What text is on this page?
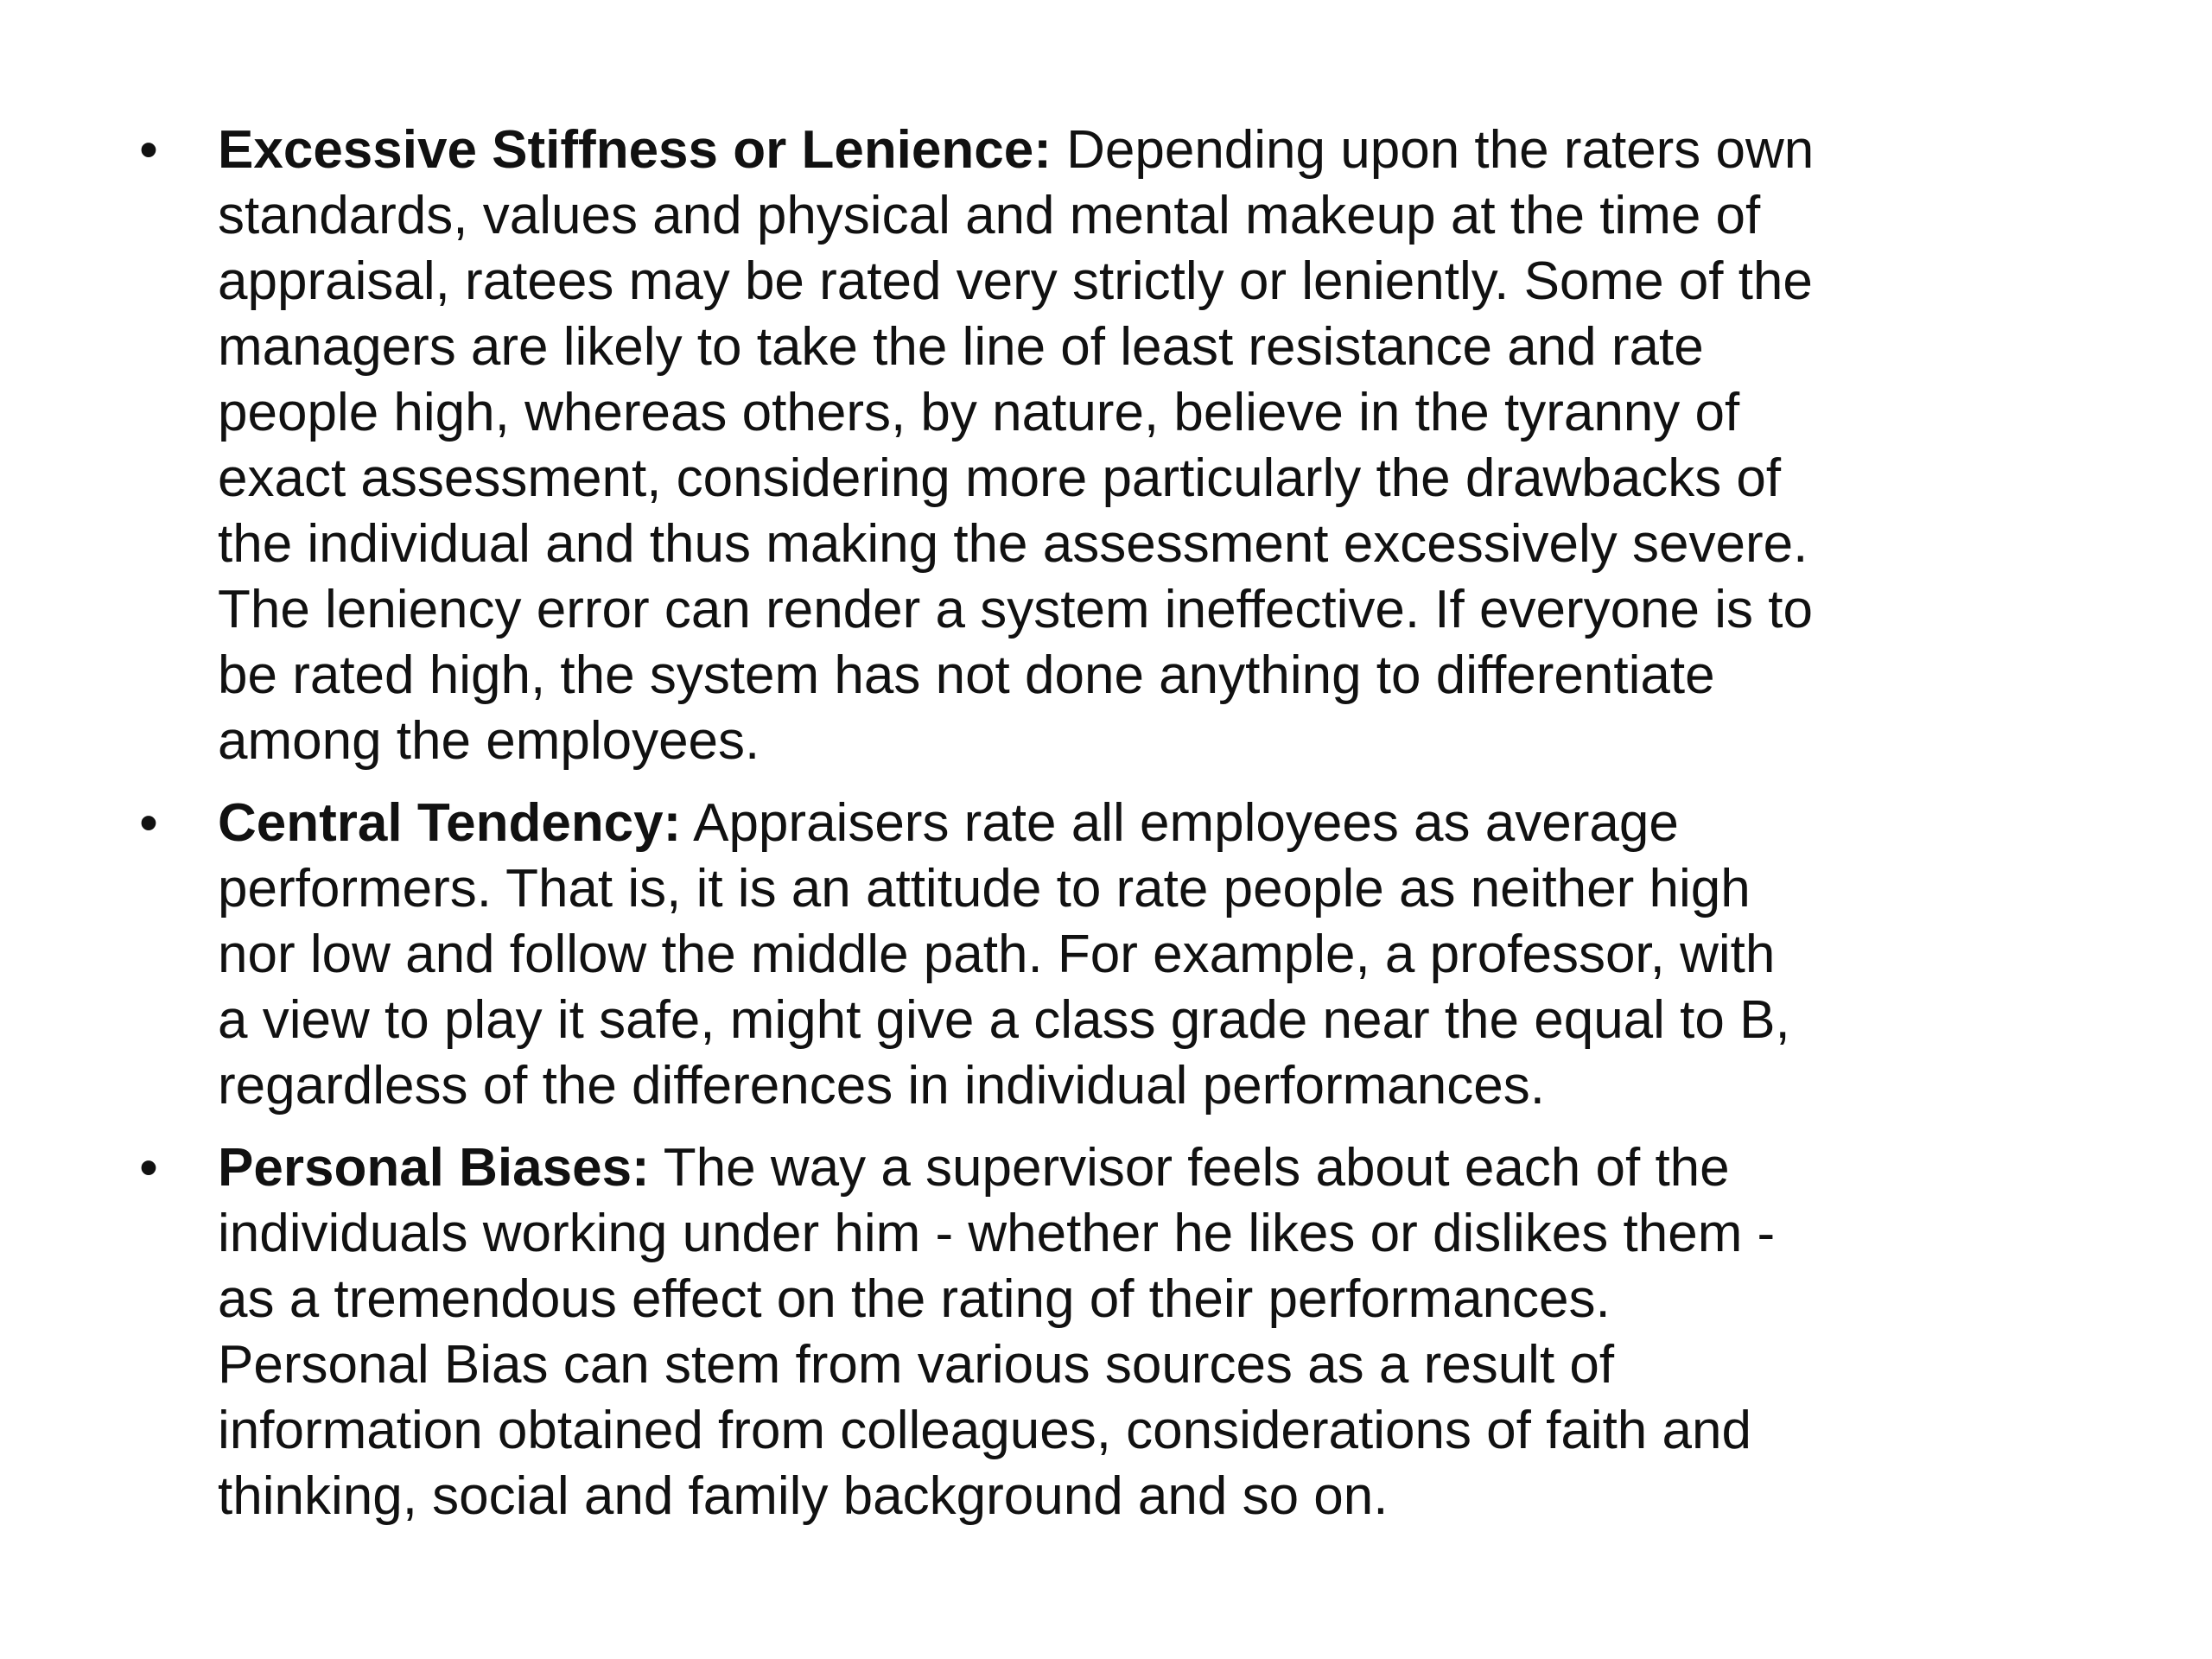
• Excessive Stiffness or Lenience: Depending upon the raters own
standards, values and physical and mental makeup at the time of
appraisal, ratees may be rated very strictly or leniently. Some of the
managers are likely to take the line of least resistance and rate
people high, whereas others, by nature, believe in the tyranny of
exact assessment, considering more particularly the drawbacks of
the individual and thus making the assessment excessively severe.
The leniency error can render a system ineffective. If everyone is to
be rated high, the system has not done anything to differentiate
among the employees.
• Central Tendency: Appraisers rate all employees as average
performers. That is, it is an attitude to rate people as neither high
nor low and follow the middle path. For example, a professor, with
a view to play it safe, might give a class grade near the equal to B,
regardless of the differences in individual performances.
• Personal Biases: The way a supervisor feels about each of the
individuals working under him - whether he likes or dislikes them -
as a tremendous effect on the rating of their performances.
Personal Bias can stem from various sources as a result of
information obtained from colleagues, considerations of faith and
thinking, social and family background and so on.
